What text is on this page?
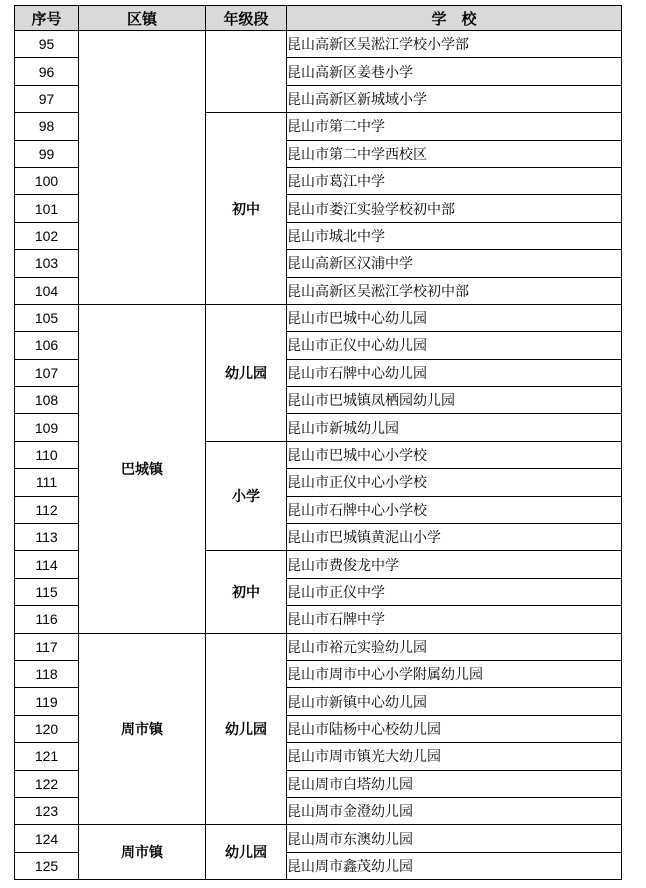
序号	区镇	年级段	学　校
95			昆山高新区吴淞江学校小学部
96			昆山高新区姜巷小学
97			昆山高新区新城域小学
98		初中	昆山市第二中学
99			昆山市第二中学西校区
100			昆山市葛江中学
101			昆山市娄江实验学校初中部
102			昆山市城北中学
103			昆山高新区汉浦中学
104			昆山高新区吴淞江学校初中部
105	巴城镇	幼儿园	昆山市巴城中心幼儿园
106			昆山市正仪中心幼儿园
107			昆山市石牌中心幼儿园
108			昆山市巴城镇凤栖园幼儿园
109			昆山市新城幼儿园
110		小学	昆山市巴城中心小学校
111			昆山市正仪中心小学校
112			昆山市石牌中心小学校
113			昆山市巴城镇黄泥山小学
114		初中	昆山市费俊龙中学
115			昆山市正仪中学
116			昆山市石牌中学
117	周市镇	幼儿园	昆山市裕元实验幼儿园
118			昆山市周市中心小学附属幼儿园
119			昆山市新镇中心幼儿园
120			昆山市陆杨中心校幼儿园
121			昆山市周市镇光大幼儿园
122			昆山周市白塔幼儿园
123			昆山周市金澄幼儿园
124	周市镇	幼儿园	昆山周市东澳幼儿园
125			昆山周市鑫茂幼儿园
